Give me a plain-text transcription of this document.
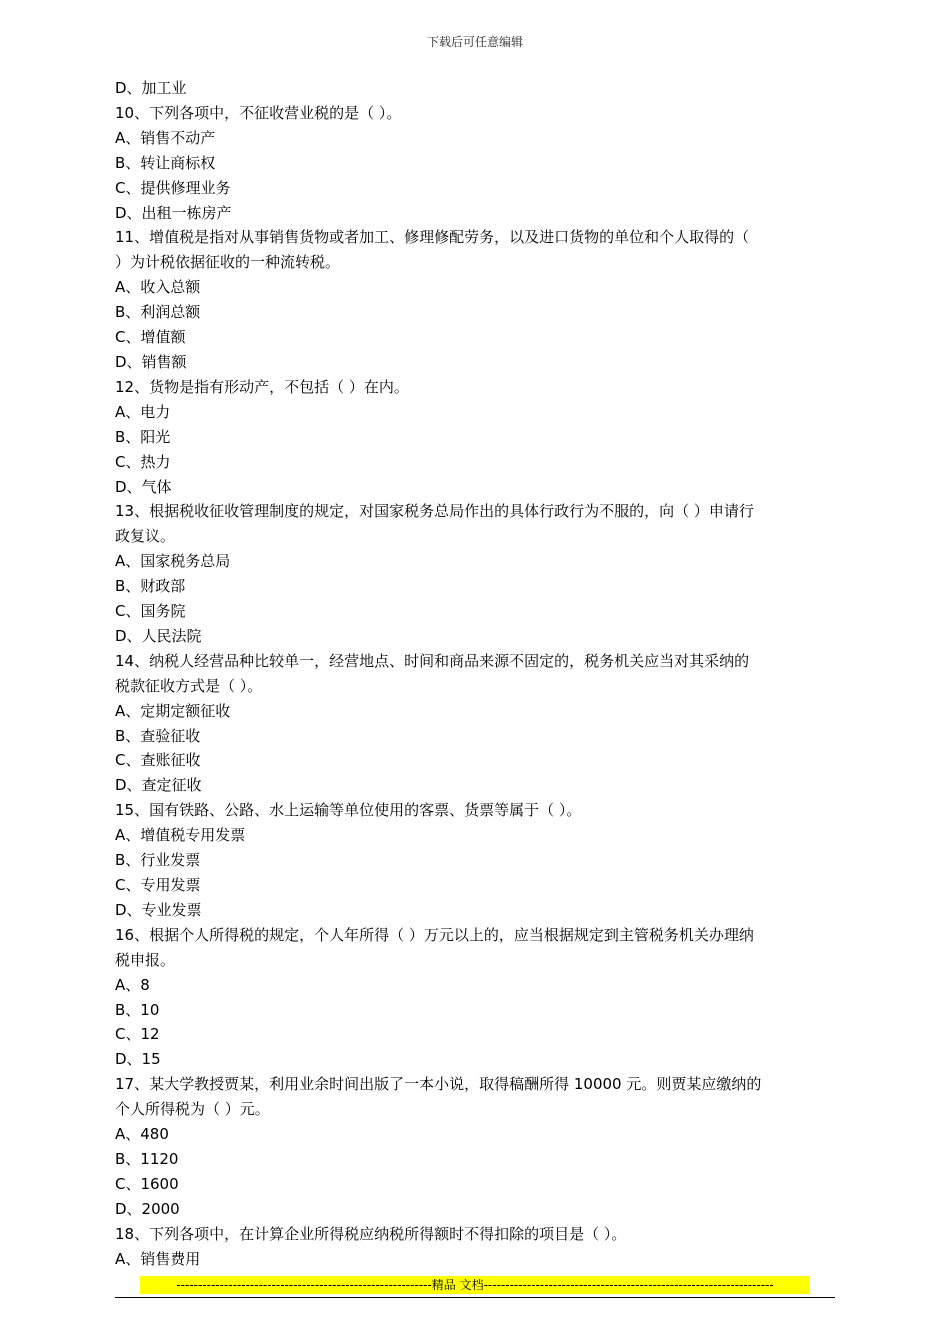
下载后可任意编辑
D、加工业
10、下列各项中，不征收营业税的是（ ）。
A、销售不动产
B、转让商标权
C、提供修理业务
D、出租一栋房产
11、增值税是指对从事销售货物或者加工、修理修配劳务，以及进口货物的单位和个人取得的（
）为计税依据征收的一种流转税。
A、收入总额
B、利润总额
C、增值额
D、销售额
12、货物是指有形动产，不包括（ ）在内。
A、电力
B、阳光
C、热力
D、气体
13、根据税收征收管理制度的规定，对国家税务总局作出的具体行政行为不服的，向（ ）申请行
政复议。
A、国家税务总局
B、财政部
C、国务院
D、人民法院
14、纳税人经营品种比较单一，经营地点、时间和商品来源不固定的，税务机关应当对其采纳的
税款征收方式是（ ）。
A、定期定额征收
B、查验征收
C、查账征收
D、查定征收
15、国有铁路、公路、水上运输等单位使用的客票、货票等属于（ ）。
A、增值税专用发票
B、行业发票
C、专用发票
D、专业发票
16、根据个人所得税的规定，个人年所得（ ）万元以上的，应当根据规定到主管税务机关办理纳
税申报。
A、8
B、10
C、12
D、15
17、某大学教授贾某，利用业余时间出版了一本小说，取得稿酬所得 10000 元。则贾某应缴纳的
个人所得税为（ ）元。
A、480
B、1120
C、1600
D、2000
18、下列各项中，在计算企业所得税应纳税所得额时不得扣除的项目是（ ）。
A、销售费用
-----------------------------------------------------------精品 文档-------------------------------------------------------------------
